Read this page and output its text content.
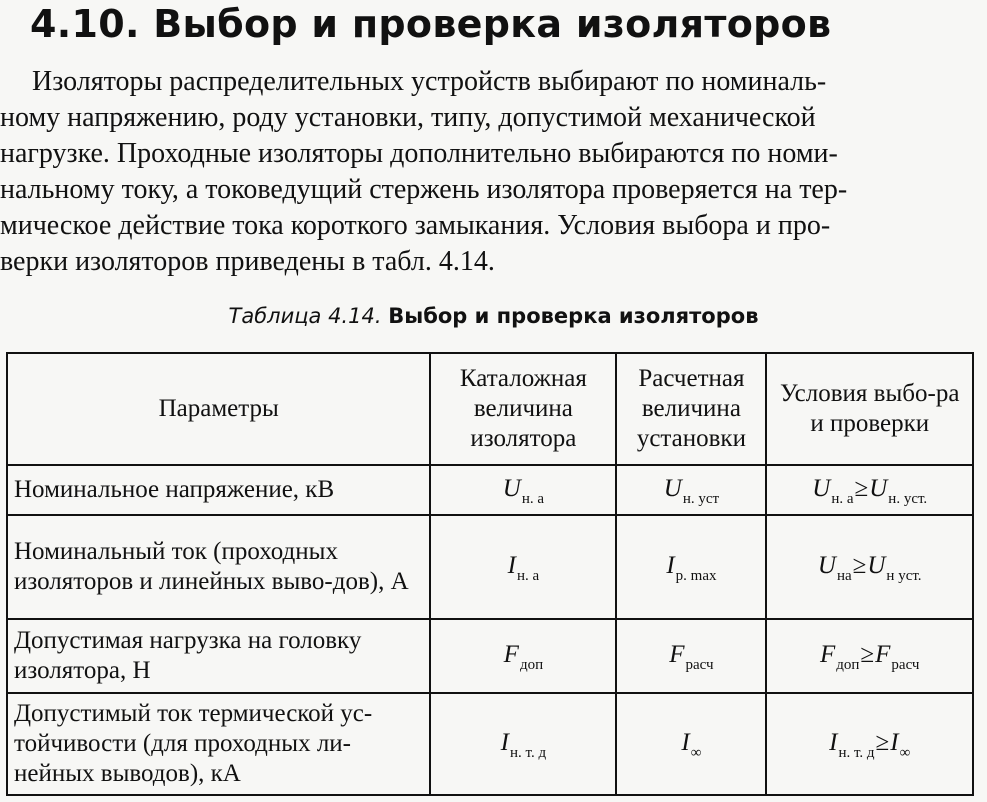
4.10. Выбор и проверка изоляторов
Изоляторы распределительных устройств выбирают по номиналь-
ному напряжению, роду установки, типу, допустимой механической
нагрузке. Проходные изоляторы дополнительно выбираются по номи-
нальному току, а токоведущий стержень изолятора проверяется на тер-
мическое действие тока короткого замыкания. Условия выбора и про-
верки изоляторов приведены в табл. 4.14.
Таблица 4.14. Выбор и проверка изоляторов
Параметры	Каталожная величина изолятора	Расчетная величина установки	Условия выбо-ра и проверки
Номинальное напряжение, кВ	$U_{н. а}$	$U_{н. уст}$	$U_{н. а}\ge U_{н. уст.}$
Номинальный ток (проходных изоляторов и линейных выво-дов), А	$I_{н. а}$	$I_{р. max}$	$U_{на}\ge U_{н уст.}$
Допустимая нагрузка на головку изолятора, Н	$F_{доп}$	$F_{расч}$	$F_{доп}\ge F_{расч}$
Допустимый ток термической ус-тойчивости (для проходных ли-нейных выводов), кА	$I_{н. т. д}$	$I_\infty$	$I_{н. т. д}\ge I_\infty$
